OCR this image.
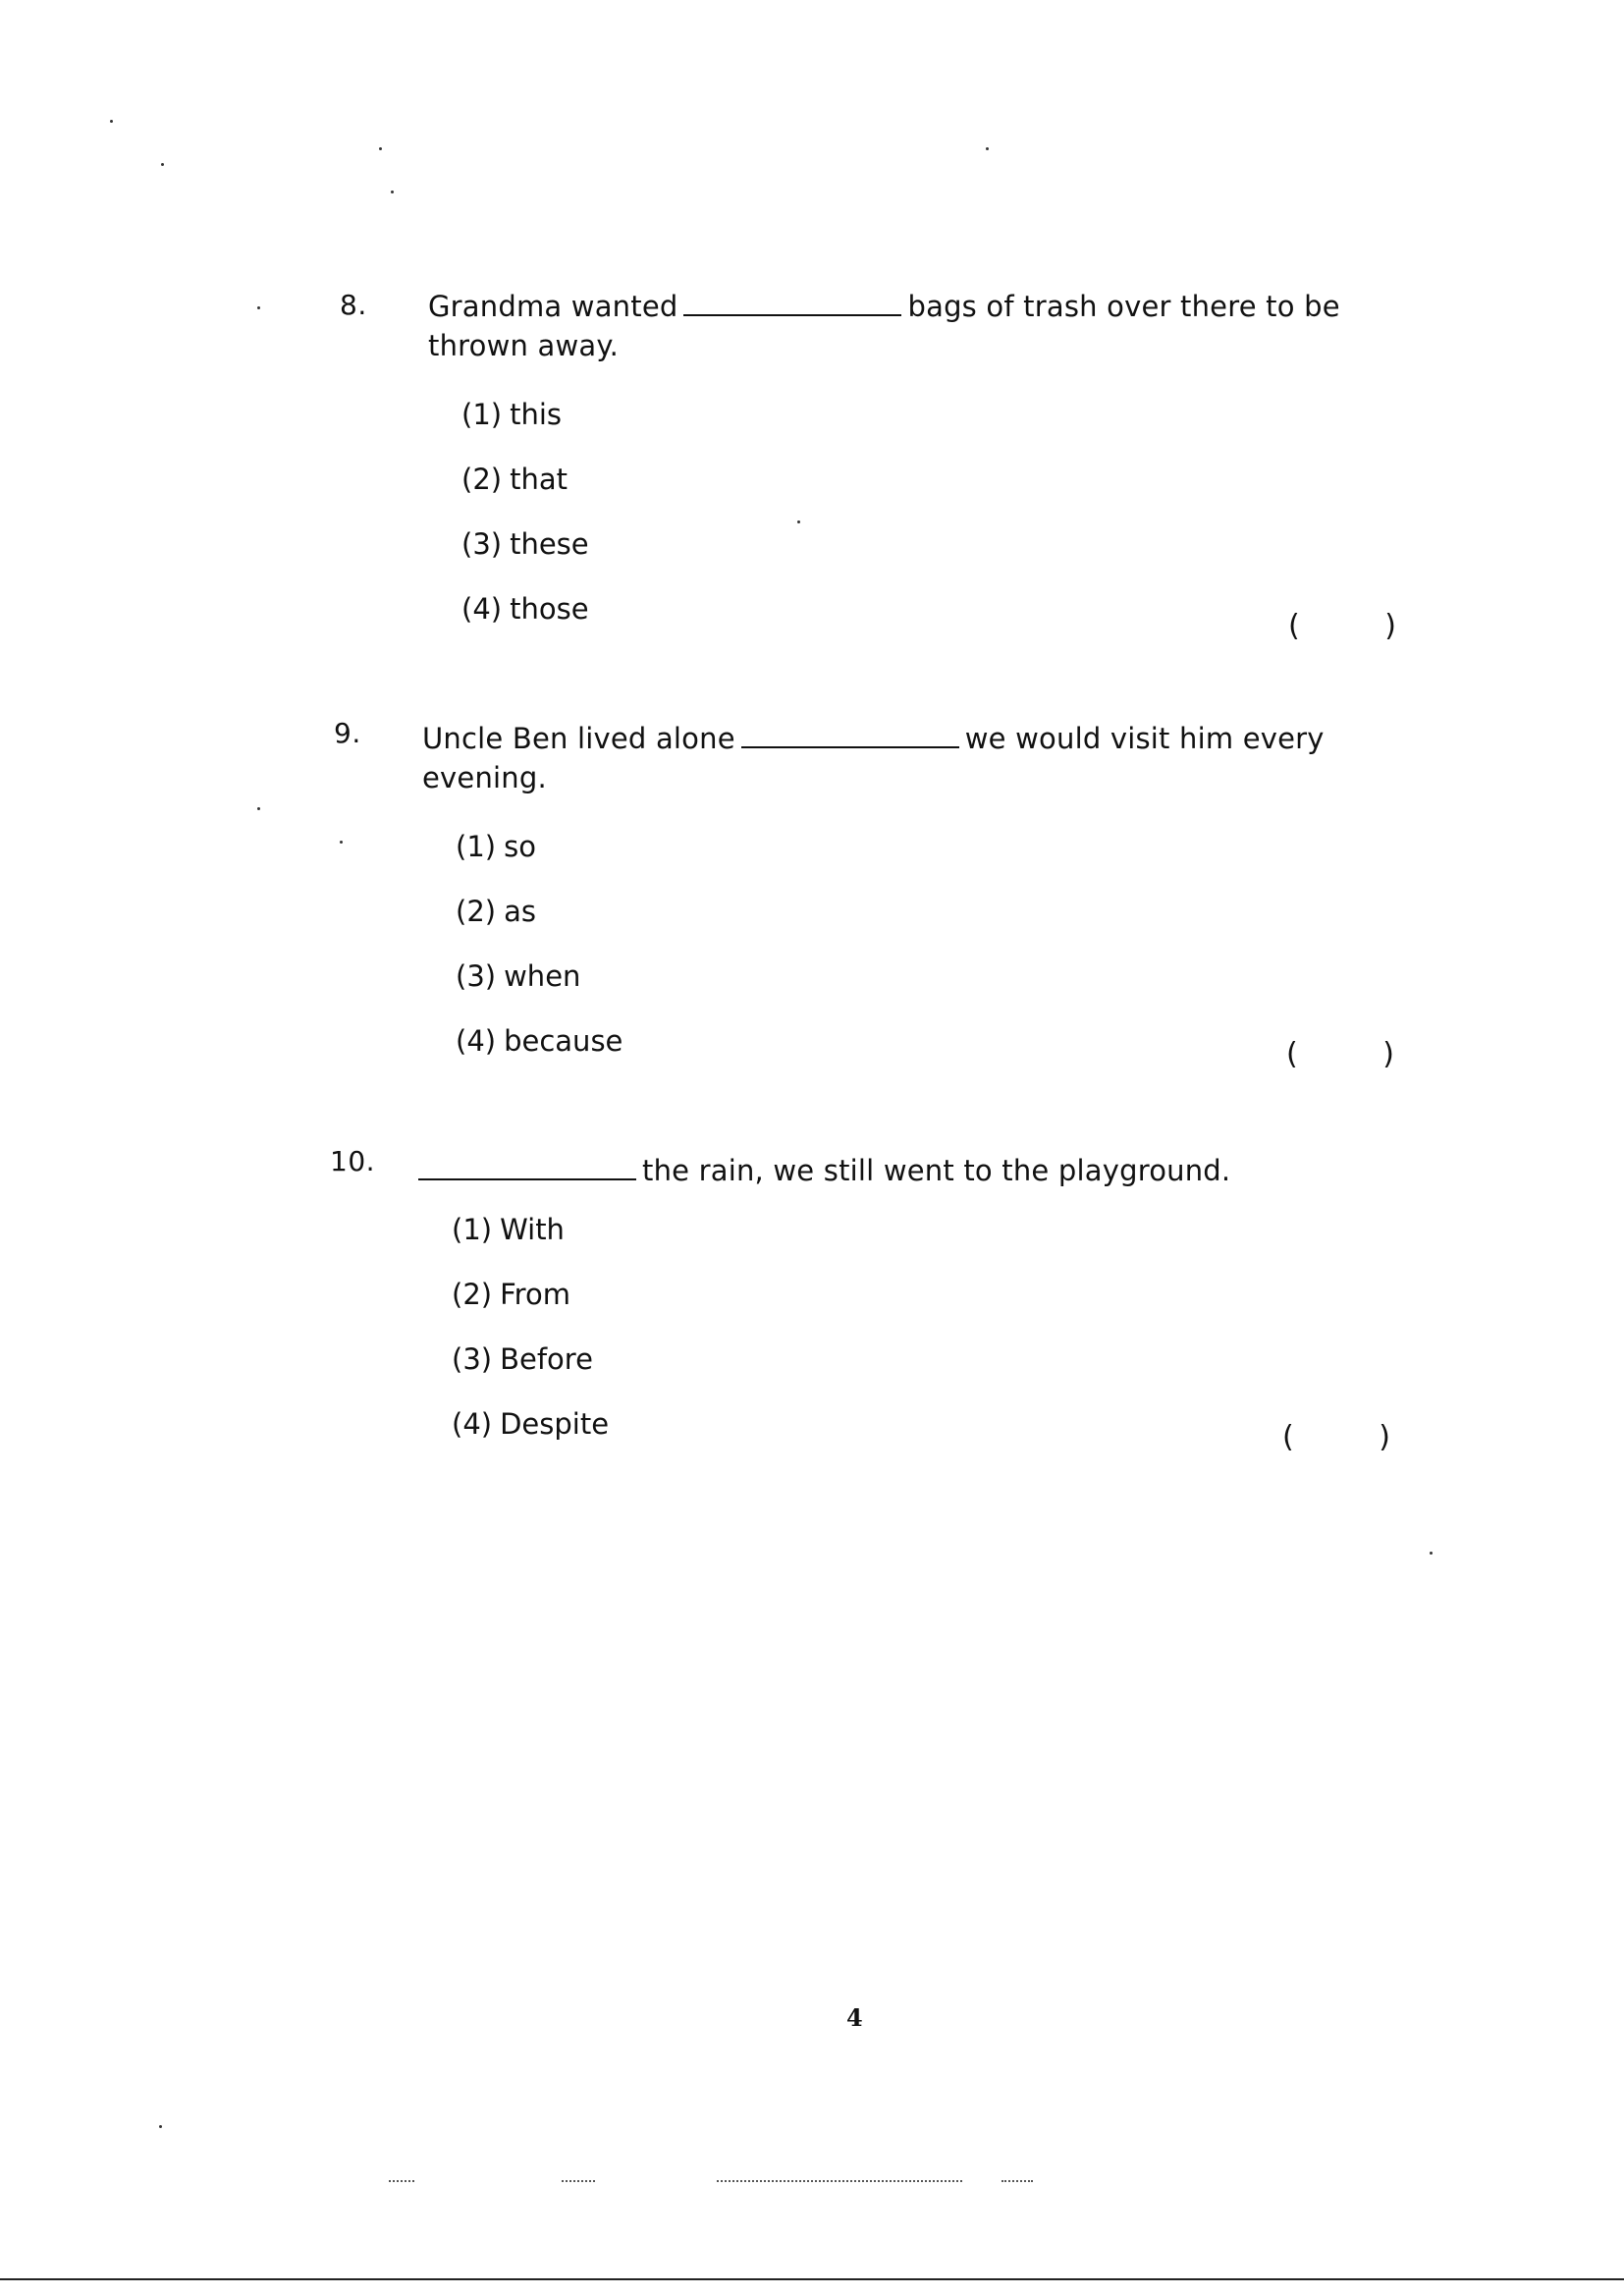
8. Grandma wanted	bags of trash over there to be
thrown away.
(1) this
(2) that
(3) these
(4) those	(	)
9. Uncle Ben lived alone	we would visit him every
evening.
(1) so
(2) as
(3) when
(4) because	(	)
10.	the rain, we still went to the playground.
(1) With
(2) From
(3) Before
(4) Despite	(	)
4
